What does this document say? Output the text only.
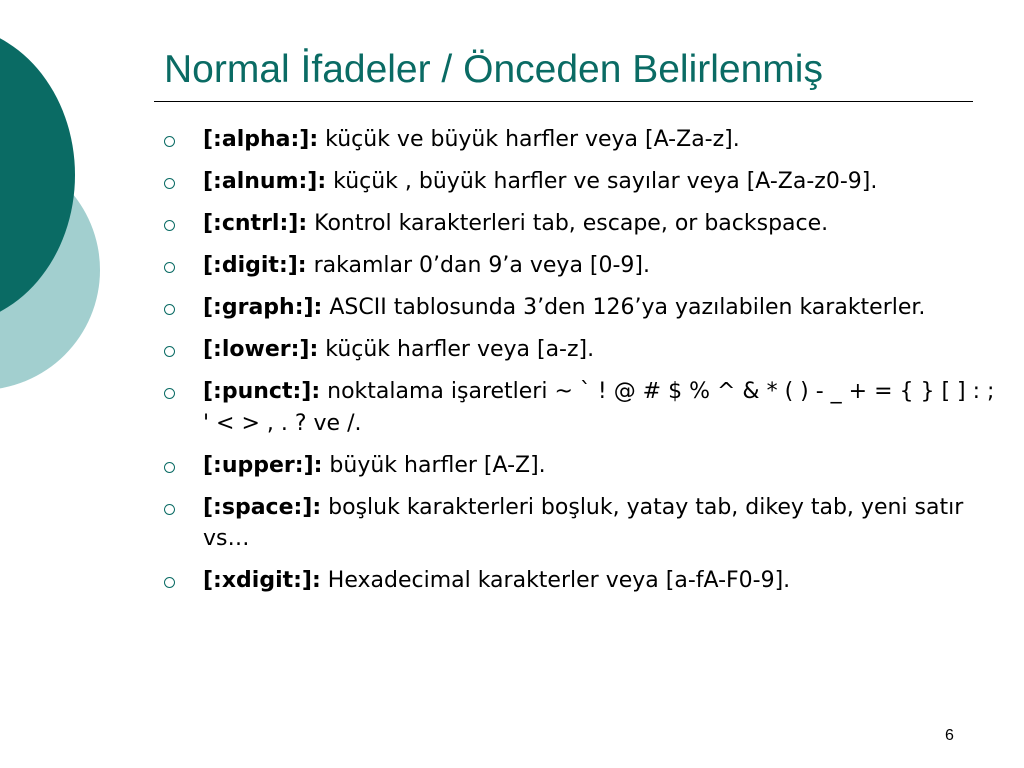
Normal İfadeler / Önceden Belirlenmiş
[:alpha:]: küçük ve büyük harfler veya [A-Za-z].
[:alnum:]: küçük , büyük harfler ve sayılar veya [A-Za-z0-9].
[:cntrl:]: Kontrol karakterleri tab, escape, or backspace.
[:digit:]: rakamlar 0’dan 9’a veya [0-9].
[:graph:]: ASCII tablosunda 3’den 126’ya yazılabilen karakterler.
[:lower:]: küçük harfler veya [a-z].
[:punct:]: noktalama işaretleri ~ ` ! @ # $ % ^ & * ( ) - _ + = { } [ ] : ; ' < > , . ? ve /.
[:upper:]: büyük harfler [A-Z].
[:space:]: boşluk karakterleri boşluk, yatay tab, dikey tab, yeni satır vs…
[:xdigit:]: Hexadecimal karakterler veya [a-fA-F0-9].
6
